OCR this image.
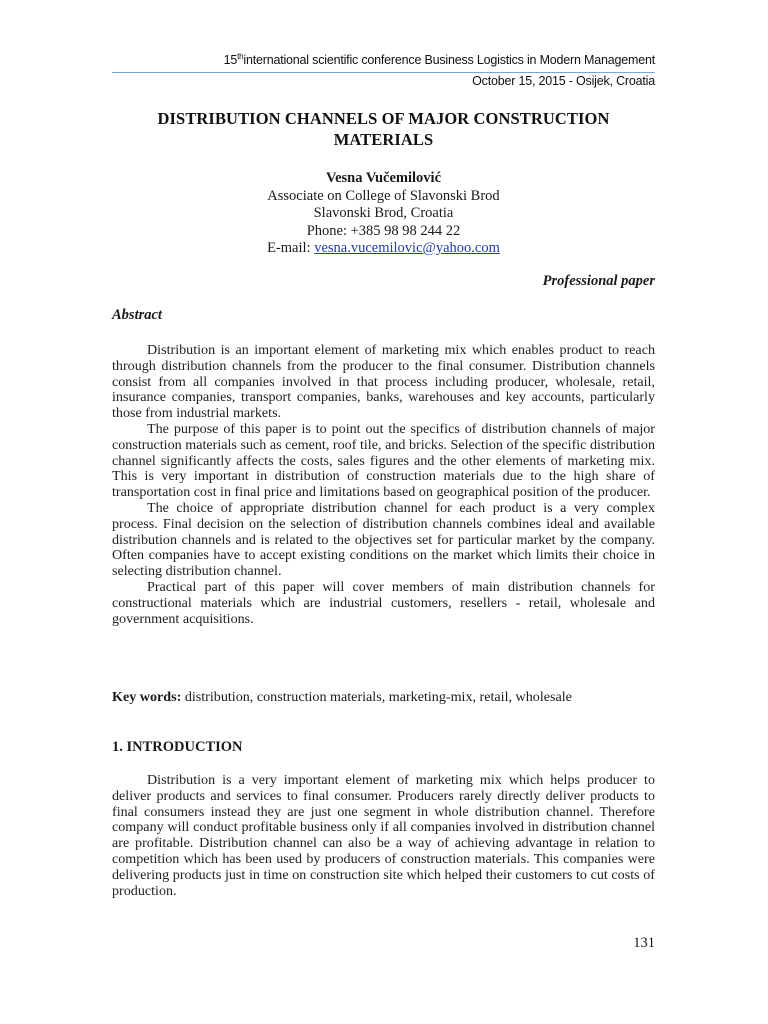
15thinternational scientific conference Business Logistics in Modern Management
October 15, 2015 - Osijek, Croatia
DISTRIBUTION CHANNELS OF MAJOR CONSTRUCTION MATERIALS
Vesna Vučemilović
Associate on College of Slavonski Brod
Slavonski Brod, Croatia
Phone: +385 98 98 244 22
E-mail: vesna.vucemilovic@yahoo.com
Professional paper
Abstract

Distribution is an important element of marketing mix which enables product to reach through distribution channels from the producer to the final consumer. Distribution channels consist from all companies involved in that process including producer, wholesale, retail, insurance companies, transport companies, banks, warehouses and key accounts, particularly those from industrial markets.

The purpose of this paper is to point out the specifics of distribution channels of major construction materials such as cement, roof tile, and bricks. Selection of the specific distribution channel significantly affects the costs, sales figures and the other elements of marketing mix. This is very important in distribution of construction materials due to the high share of transportation cost in final price and limitations based on geographical position of the producer.

The choice of appropriate distribution channel for each product is a very complex process. Final decision on the selection of distribution channels combines ideal and available distribution channels and is related to the objectives set for particular market by the company. Often companies have to accept existing conditions on the market which limits their choice in selecting distribution channel.

Practical part of this paper will cover members of main distribution channels for constructional materials which are industrial customers, resellers - retail, wholesale and government acquisitions.

Key words: distribution, construction materials, marketing-mix, retail, wholesale
1. INTRODUCTION

Distribution is a very important element of marketing mix which helps producer to deliver products and services to final consumer. Producers rarely directly deliver products to final consumers instead they are just one segment in whole distribution channel. Therefore company will conduct profitable business only if all companies involved in distribution channel are profitable. Distribution channel can also be a way of achieving advantage in relation to competition which has been used by producers of construction materials. This companies were delivering products just in time on construction site which helped their customers to cut costs of production.

131
